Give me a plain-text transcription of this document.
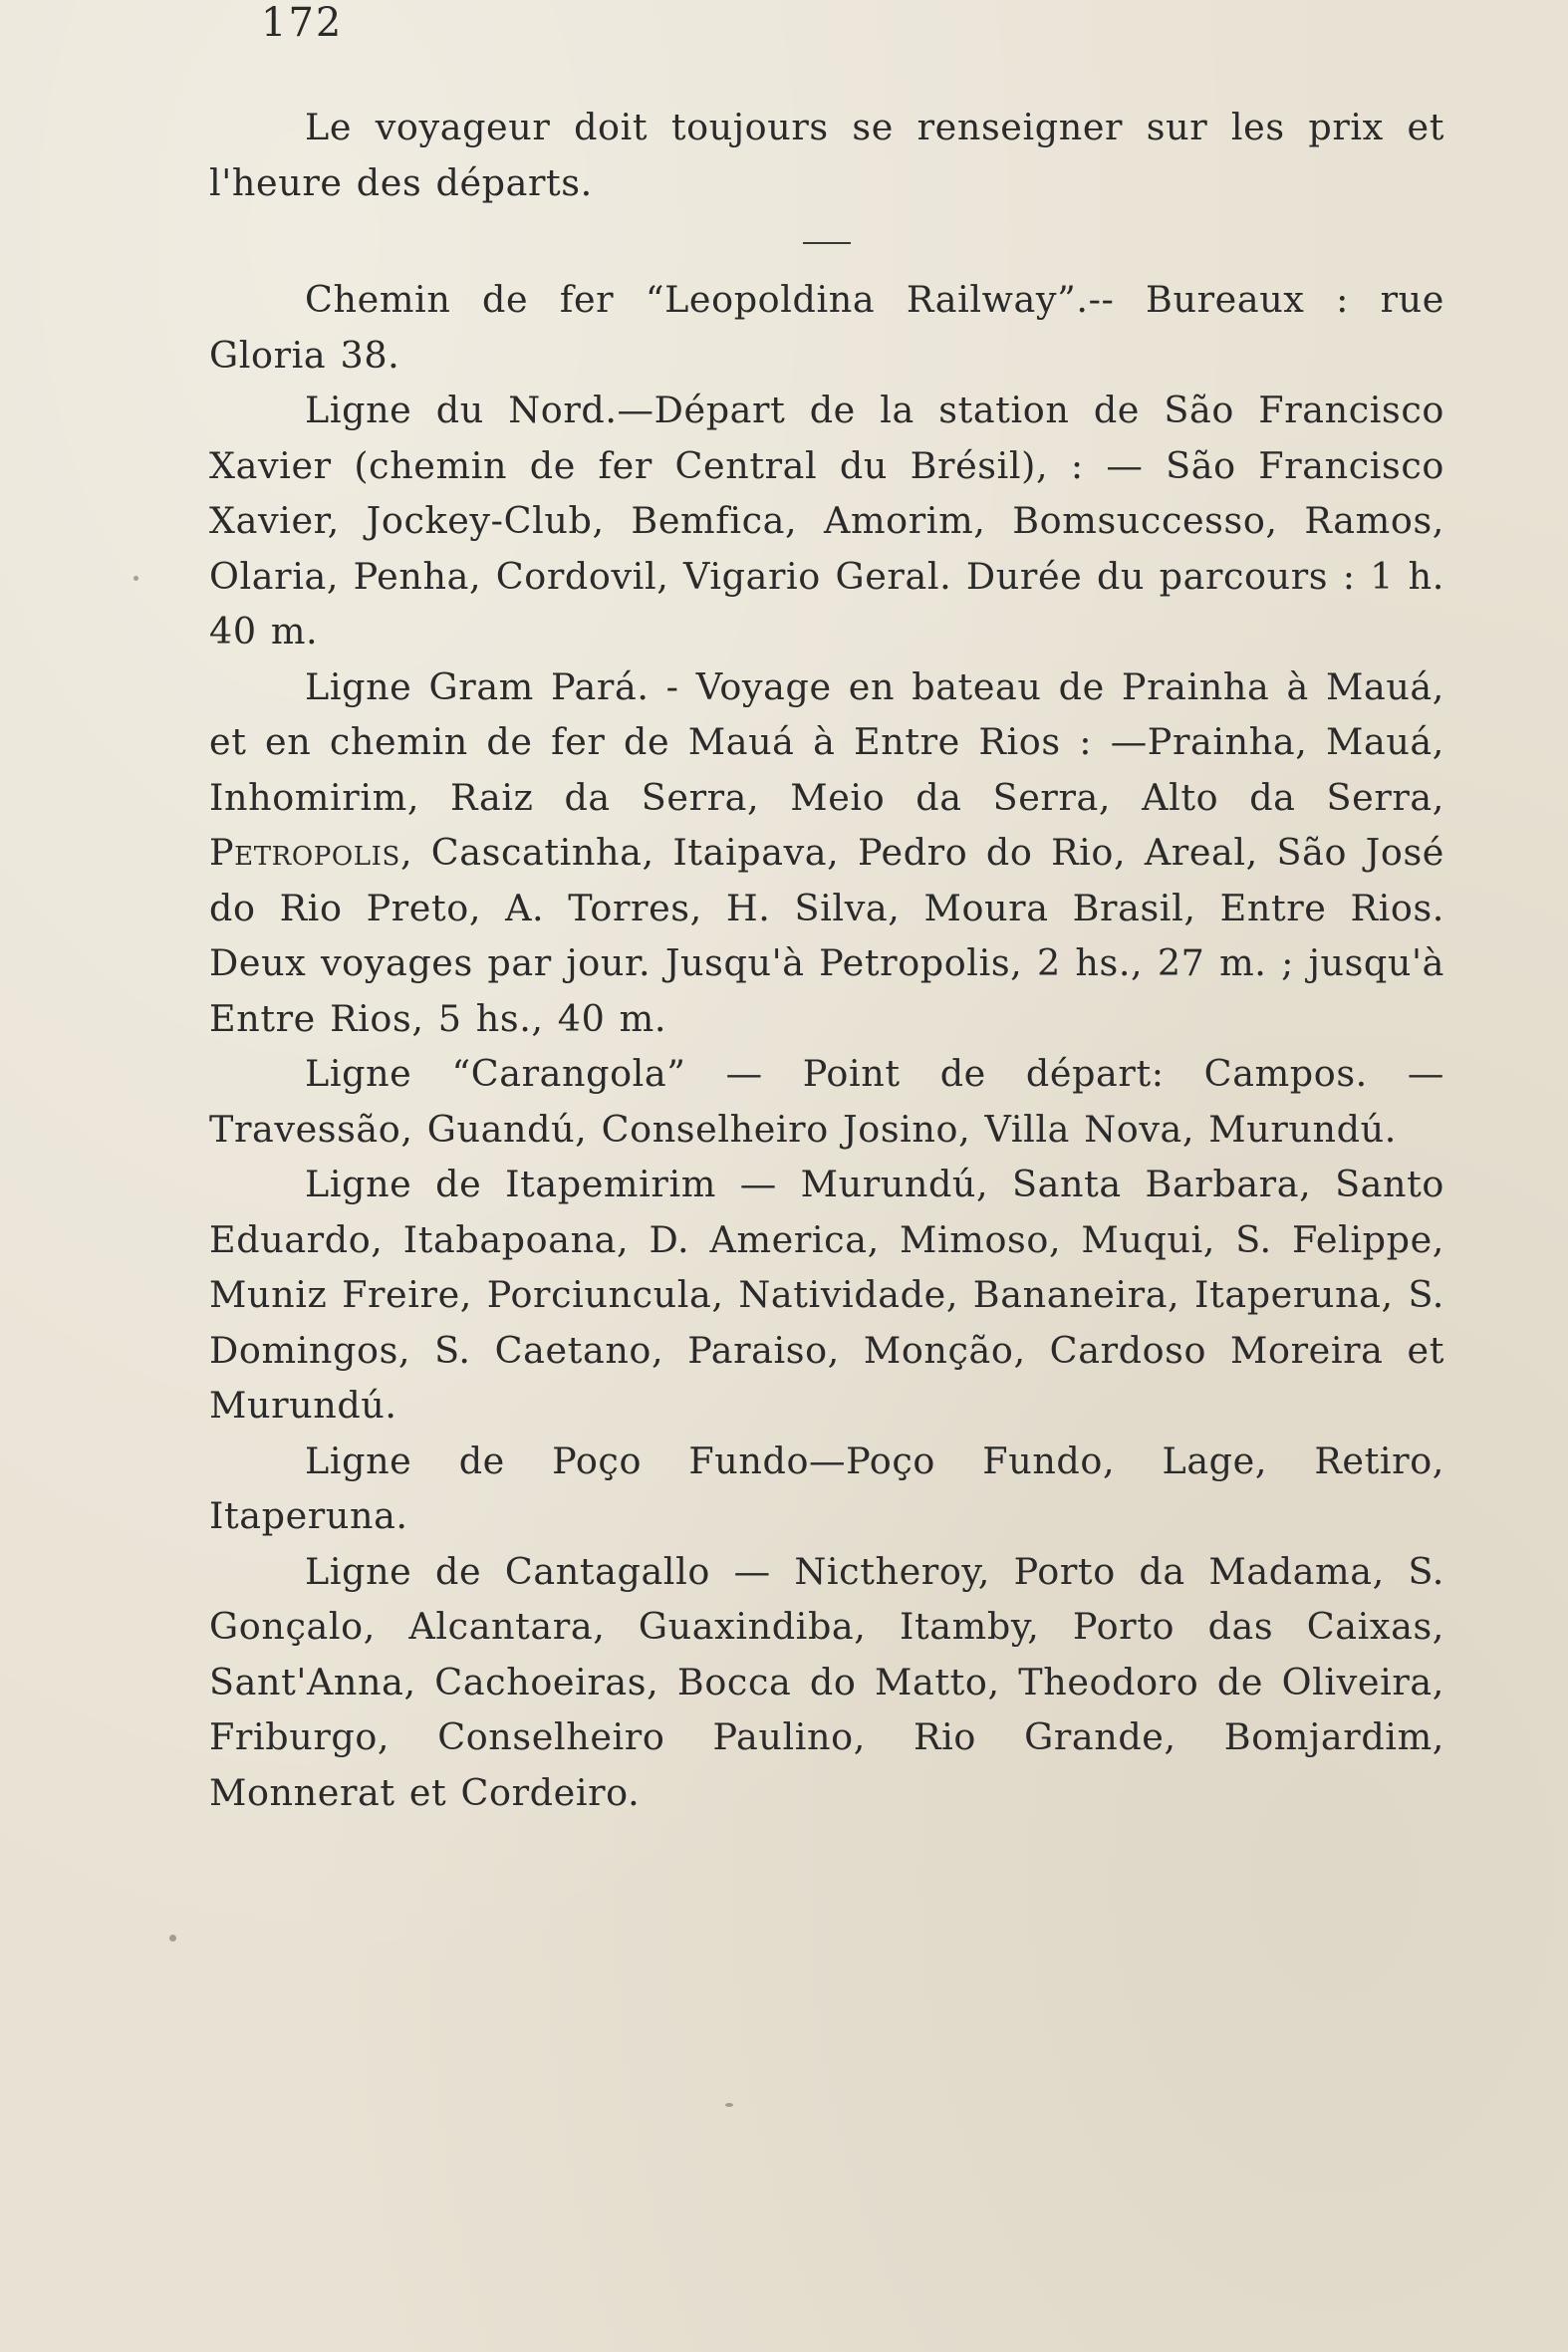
172

Le voyageur doit toujours se renseigner sur les prix et l'heure des départs.

Chemin de fer “Leopoldina Railway”.-- Bureaux : rue Gloria 38.

Ligne du Nord.—Départ de la station de São Francisco Xavier (chemin de fer Central du Brésil), : — São Francisco Xavier, Jockey-Club, Bemfica, Amorim, Bomsuccesso, Ramos, Olaria, Penha, Cordovil, Vigario Geral. Durée du parcours : 1 h. 40 m.

Ligne Gram Pará. - Voyage en bateau de Prainha à Mauá, et en chemin de fer de Mauá à Entre Rios : —Prainha, Mauá, Inhomirim, Raiz da Serra, Meio da Serra, Alto da Serra, Petropolis, Cascatinha, Itaipava, Pedro do Rio, Areal, São José do Rio Preto, A. Torres, H. Silva, Moura Brasil, Entre Rios. Deux voyages par jour. Jusqu'à Petropolis, 2 hs., 27 m. ; jusqu'à Entre Rios, 5 hs., 40 m.

Ligne “Carangola” — Point de départ: Campos. — Travessão, Guandú, Conselheiro Josino, Villa Nova, Murundú.

Ligne de Itapemirim — Murundú, Santa Barbara, Santo Eduardo, Itabapoana, D. America, Mimoso, Muqui, S. Felippe, Muniz Freire, Porciuncula, Natividade, Bananeira, Itaperuna, S. Domingos, S. Caetano, Paraiso, Monção, Cardoso Moreira et Murundú.

Ligne de Poço Fundo—Poço Fundo, Lage, Retiro, Itaperuna.

Ligne de Cantagallo — Nictheroy, Porto da Madama, S. Gonçalo, Alcantara, Guaxindiba, Itamby, Porto das Caixas, Sant'Anna, Cachoeiras, Bocca do Matto, Theodoro de Oliveira, Friburgo, Conselheiro Paulino, Rio Grande, Bomjardim, Monnerat et Cordeiro.
